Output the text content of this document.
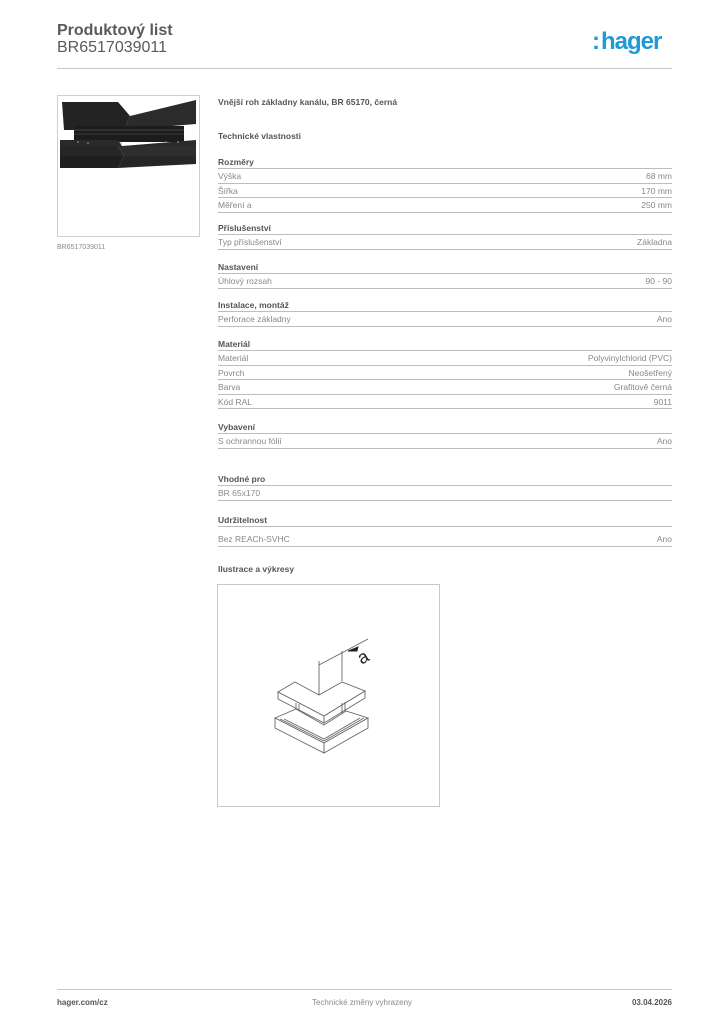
Produktový list
BR6517039011	:hager
BR6517039011
Vnější roh základny kanálu, BR 65170, černá
Technické vlastnosti
Rozměry
Výška	68 mm
Šířka	170 mm
Měření a	250 mm
Příslušenství
Typ příslušenství	Základna
Nastavení
Úhlový rozsah	90 - 90
Instalace, montáž
Perforace základny	Ano
Materiál
Materiál	Polyvinylchlorid (PVC)
Povrch	Neošetřený
Barva	Grafitově černá
Kód RAL	9011
Vybavení
S ochrannou fólií	Ano
Vhodné pro
BR 65x170
Udržitelnost
Bez REACh-SVHC	Ano
Ilustrace a výkresy
a
hager.com/cz	Technické změny vyhrazeny	03.04.2026
